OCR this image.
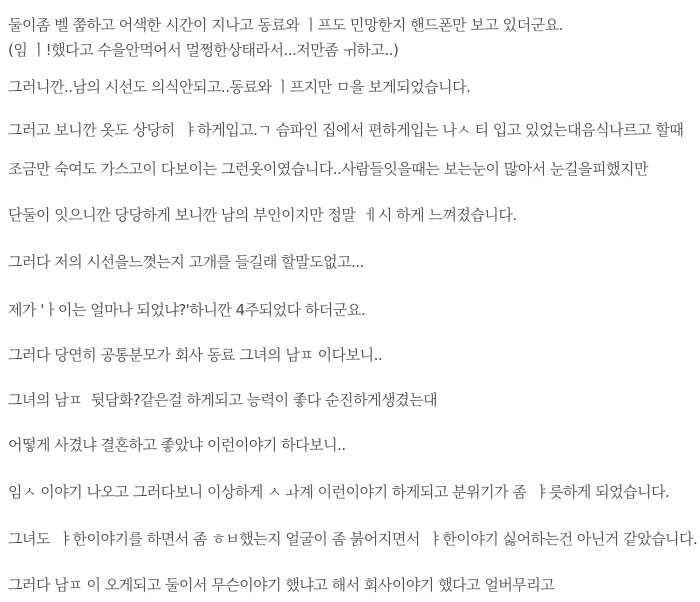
둘이좀 벨 쭘하고 어색한 시간이 지나고 동료와 ㅣ프도 민망한지 핸드폰만 보고 있더군요.

(임 ㅣ!했다고 수을안먹어서 멀쩡한상태라서...저만좀 ㅟ하고..)

그러니깐..남의 시선도 의식안되고..동료와 ㅣ프지만 ㅁ을 보게되었습니다.

그러고 보니깐 옷도 상당히  ㅑ하게입고.ㄱ 슴파인 집에서 편하게입는 나ㅅ 티 입고 있었는대음식나르고 할때

조금만 숙여도 가스고이 다보이는 그런옷이였습니다..사람들잇을때는 보는눈이 많아서 눈길을피했지만

단둘이 잇으니깐 당당하게 보니깐 남의 부인이지만 정말  ㅔ시 하게 느껴졌습니다.

그러다 저의 시선을느꼇는지 고개를 들길래 할말도없고...

제가 'ㅏ이는 얼마나 되었냐?'하니깐 4주되었다 하더군요.

그러다 당연히 공통분모가 회사 동료 그녀의 남ㅍ 이다보니..

그녀의 남ㅍ  뒷담화?같은걸 하게되고 능력이 좋다 순진하게생겼는대

어떻게 사겼냐 결혼하고 좋았냐 이런이야기 하다보니..

임ㅅ 이야기 나오고 그러다보니 이상하게 ㅅ ㅘ계 이런이야기 하게되고 분위기가 좀  ㅑ릇하게 되었습니다.

그녀도  ㅑ한이야기를 하면서 좀 ㅎㅂ했는지 얼굴이 좀 붉어지면서  ㅑ한이야기 싫어하는건 아닌거 같았습니다.

그러다 남ㅍ 이 오게되고 둘이서 무슨이야기 했냐고 해서 회사이야기 했다고 얼버무리고
